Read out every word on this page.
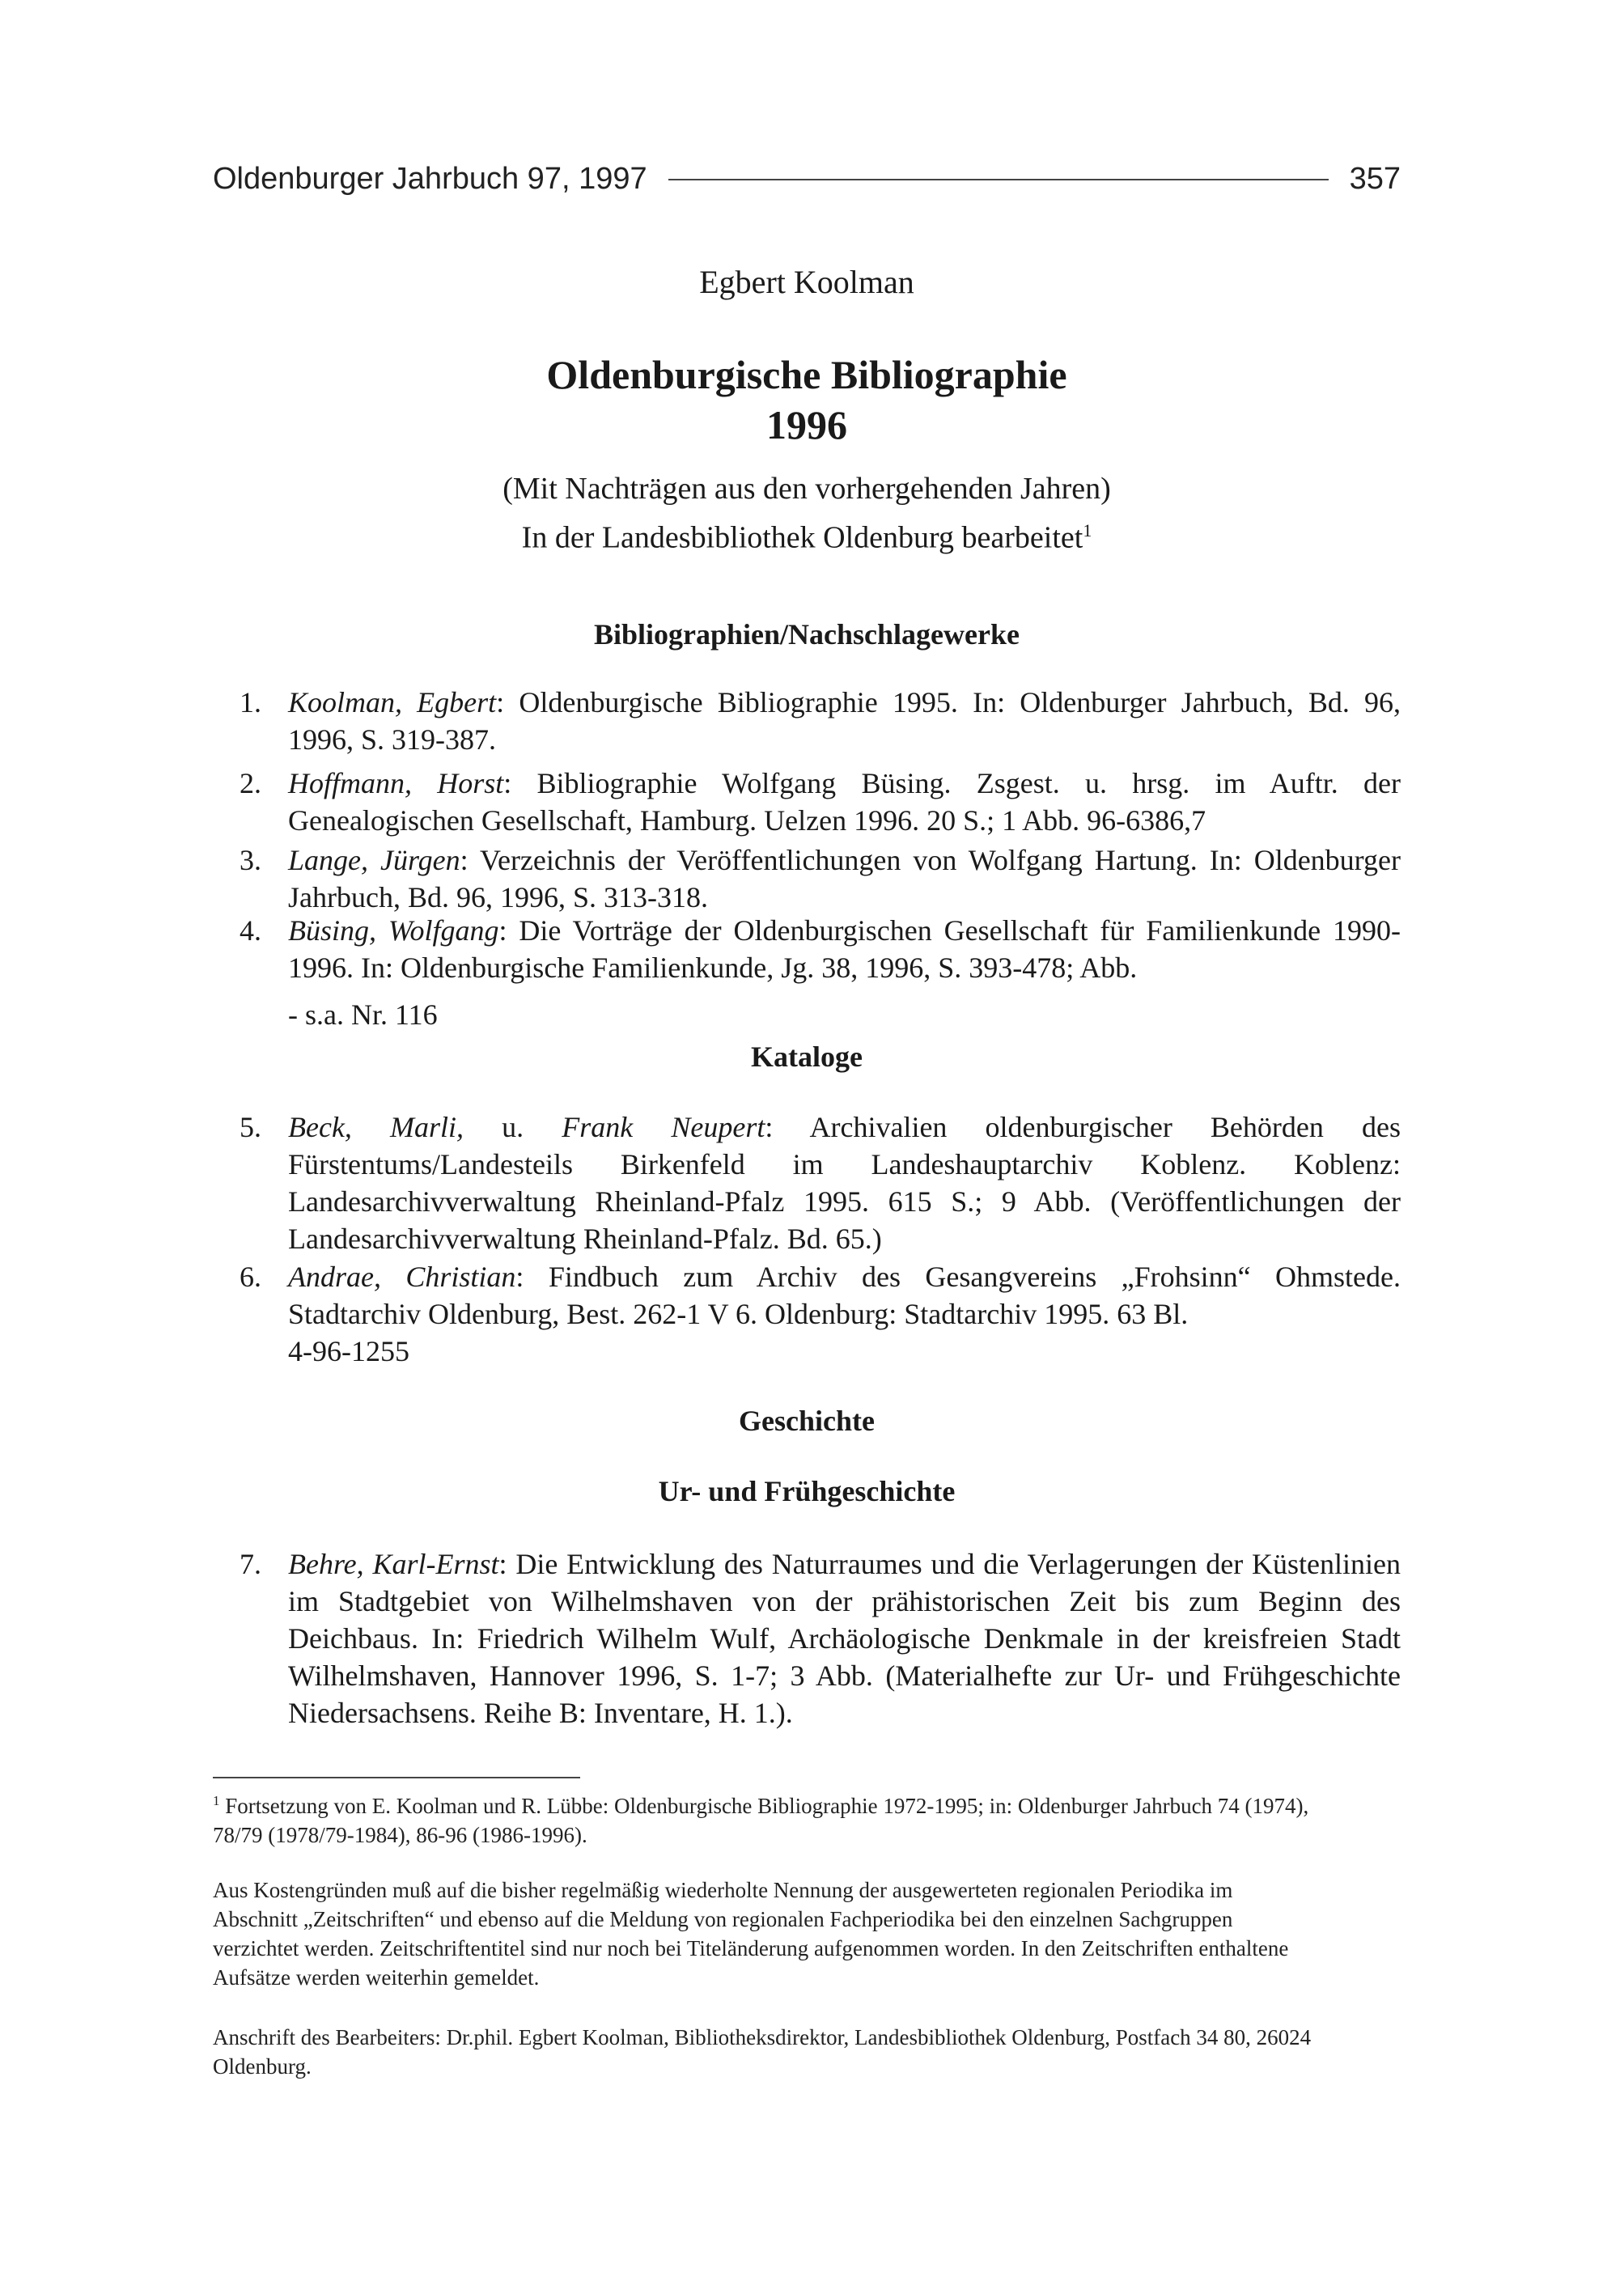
Oldenburger Jahrbuch 97, 1997	357
Egbert Koolman
Oldenburgische Bibliographie
1996
(Mit Nachträgen aus den vorhergehenden Jahren)
In der Landesbibliothek Oldenburg bearbeitet$^1$
Bibliographien/Nachschlagewerke
1. Koolman, Egbert: Oldenburgische Bibliographie 1995. In: Oldenburger Jahrbuch, Bd. 96, 1996, S. 319-387.
2. Hoffmann, Horst: Bibliographie Wolfgang Büsing. Zsgest. u. hrsg. im Auftr. der Genealogischen Gesellschaft, Hamburg. Uelzen 1996. 20 S.; 1 Abb. 96-6386,7
3. Lange, Jürgen: Verzeichnis der Veröffentlichungen von Wolfgang Hartung. In: Oldenburger Jahrbuch, Bd. 96, 1996, S. 313-318.
4. Büsing, Wolfgang: Die Vorträge der Oldenburgischen Gesellschaft für Familienkunde 1990-1996. In: Oldenburgische Familienkunde, Jg. 38, 1996, S. 393-478; Abb.
- s.a. Nr. 116
Kataloge
5. Beck, Marli, u. Frank Neupert: Archivalien oldenburgischer Behörden des Fürstentums/Landesteils Birkenfeld im Landeshauptarchiv Koblenz. Koblenz: Landesarchivverwaltung Rheinland-Pfalz 1995. 615 S.; 9 Abb. (Veröffentlichungen der Landesarchivverwaltung Rheinland-Pfalz. Bd. 65.)
6. Andrae, Christian: Findbuch zum Archiv des Gesangvereins „Frohsinn“ Ohmstede. Stadtarchiv Oldenburg, Best. 262-1 V 6. Oldenburg: Stadtarchiv 1995. 63 Bl.
4-96-1255
Geschichte
Ur- und Frühgeschichte
7. Behre, Karl-Ernst: Die Entwicklung des Naturraumes und die Verlagerungen der Küstenlinien im Stadtgebiet von Wilhelmshaven von der prähistorischen Zeit bis zum Beginn des Deichbaus. In: Friedrich Wilhelm Wulf, Archäologische Denkmale in der kreisfreien Stadt Wilhelmshaven, Hannover 1996, S. 1-7; 3 Abb. (Materialhefte zur Ur- und Frühgeschichte Niedersachsens. Reihe B: Inventare, H. 1.).
$^1$ Fortsetzung von E. Koolman und R. Lübbe: Oldenburgische Bibliographie 1972-1995; in: Oldenburger Jahrbuch 74 (1974), 78/79 (1978/79-1984), 86-96 (1986-1996).
Aus Kostengründen muß auf die bisher regelmäßig wiederholte Nennung der ausgewerteten regionalen Periodika im Abschnitt „Zeitschriften“ und ebenso auf die Meldung von regionalen Fachperiodika bei den einzelnen Sachgruppen verzichtet werden. Zeitschriftentitel sind nur noch bei Titeländerung aufgenommen worden. In den Zeitschriften enthaltene Aufsätze werden weiterhin gemeldet.
Anschrift des Bearbeiters: Dr.phil. Egbert Koolman, Bibliotheksdirektor, Landesbibliothek Oldenburg, Postfach 34 80, 26024 Oldenburg.
